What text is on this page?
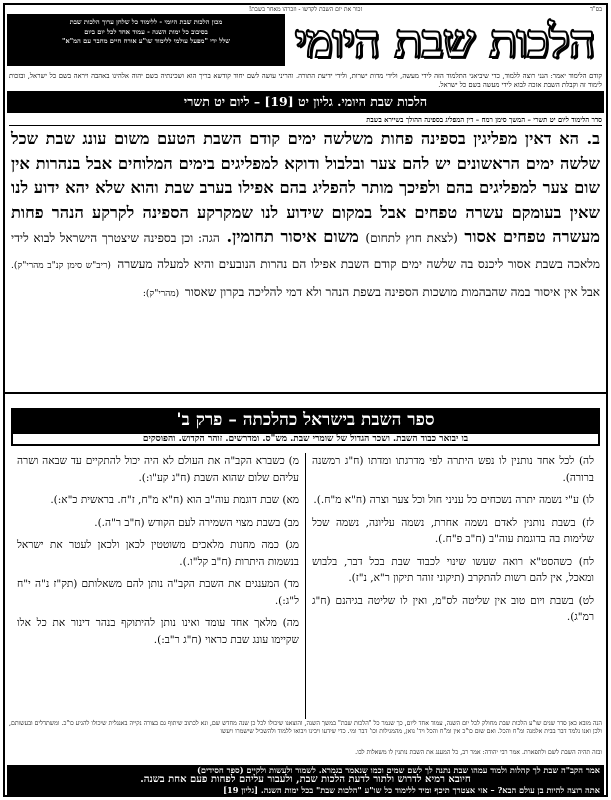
בס"ד
זכור את יום השבת לקדשו - וזכרהו מאחר בשבת!
הלכות שבת היומי
מכון הלכות שבת היומי - ללימוד כל שלחן ערוך הלכות שבת
בסיבוב כל ימות השנה - עמוד אחד לכל יום ביום
שלל ידי "מפעל עולמי ללימוד שו"ע אורח חיים מחבר עם המ"א"
קודם הלימוד יאמר: הנני רוצה ללמוד, כדי שיביאני התלמוד הזה לידי מעשה, ולידי מדות ישרות, ולידי ידיעת התורה. והריני עושה לשם יחוד קודשא בריך הוא ושכינתיה בשם יהוה אלהינו באהבה ויראה בשם כל ישראל, ובזכות לימוד זה וקבלת השבת אזכה לבוא לידי מעשה בשם כל ישראל.
הלכות שבת היומי. גליון יט [19] – ליום יט תשרי
סדר הלימוד ליום יט תשרי – המשך סימן רמח – דין המפליג בספינה ההולך בשיירא בשבת
ב. הא דאין מפליגין בספינה פחות משלשה ימים קודם השבת הטעם משום עונג שבת שכל שלשה ימים הראשונים יש להם צער ובלבול ודוקא למפליגים בימים המלוחים אבל בנהרות אין שום צער למפליגים בהם ולפיכך מותר להפליג בהם אפילו בערב שבת והוא שלא יהא ידוע לנו שאין בעומקם עשרה טפחים אבל במקום שידוע לנו שמקרקע הספינה לקרקע הנהר פחות מעשרה טפחים אסור (לצאת חוץ לתחום) משום איסור תחומין. הגה: וכן בספינה שיצטרך הישראל לבוא לידי מלאכה בשבת אסור ליכנס בה שלשה ימים קודם השבת אפילו הם נהרות הנובעים והיא למעלה מעשרה (ריב"ש סימן קנ"ב מהרי"ק). אבל אין איסור במה שהבהמות מושכות הספינה בשפת הנהר ולא דמי להליכה בקרון שאסור (מהרי"ק):
ספר השבת בישראל כהלכתה – פרק ב'
בו יבואר כבוד השבת. ושכר הגדול של שומרי שבת. מש"ס. ומדרשים. זוהר הקדוש. והפוסקים
לה) לכל אחד נותנין לו נפש היתרה לפי מדרגתו ומדתו (ח"ג רמשנה ברורה).
לו) ע"י נשמה יתרה נשכחים כל עניני חול וכל צער וצרה (ח"א מ"ח.).
לז) בשבת נותנין לאדם נשמה אחרת, נשמה עליונה, נשמה שכל שלימות בה בדוגמת עוה"ב (ח"ב פ"ח.).
לח) כשהסט"א רואה שעשו שינוי לכבוד שבת בכל דבר, בלבוש ומאכל, אין להם רשות להתקרב (תיקוני זוהר תיקון ר"א, נ"ז).
לט) בשבת ויום טוב אין שליטה לס"מ, ואין לו שליטה בגיהנם (ח"ג רמ"ג).
מ) כשברא הקב"ה את העולם לא היה יכול להתקיים עד שבאה ושרה עליהם שלום שהוא השבת (ח"ג קע"ו:).
מא) שבת דוגמת עוה"ב הוא (ח"א מ"ח, ז"ח. בראשית כ"א:).
מב) בשבת מצוי השמירה לעם הקודש (ח"ב ר"ה.).
מג) כמה מחנות מלאכים משוטטין לכאן ולכאן לעטר את ישראל בנשמות היתרות (ח"ב קל"ו.).
מד) המענגים את השבת הקב"ה נותן להם משאלותם (תק"ז נ"ה י"ח ל"ג:).
מה) מלאך אחד עומד ואינו נותן להיתוקף בנהר דינור את כל אלו שקיימו עונג שבת כראוי (ח"ג ר"ב:).
הנה מובא כאן סדר שנים שו"ע הלכות שבת מחולק לכל יום השנה, עמוד אחד ליום, כך שנמר כל "הלכות שבת" במשך השנה, והוצאנו שיכולו לכל כן שנה מחדש שם, ונא לכתוב שיתוף גם בצורה נקייה באנגלית שיכולו להגיע כו"כ. ומשתדלים ובעשותם, ולכן ואנו נלמד דבר בבית אלמנה ומ"ח והכל. ואם שום כו"כ אין ומ"ח והכל ויד' נואן, מהמגילות וכו' דבר ומי. כדי שידעו ויבינו ויבואו ללמוד ולהשכיל שישמרו ויעשו
ובזה תהיה השבת לשם ולתפארת. אמר רבי יהודה: אמר רב, כל המענג את השבת נותנין לו משאלות לבו.
אמר הקב"ה שבת לך קהלות ולמוד עמהו שבת נתנה לך לשם שמים וכמו שנאמר בגמרא. לשמור ולעשות ולקיים (ספר חסידים)
חיובא רמיא לדרוש ולתור לדעת הלכות שבת, ולעבור עליהם לפחות פעם אחת בשנה.
אתה רוצה להיות בן עולם הבא? – אזי אצטרך תיכף ומיד ללימוד כל שו"ע "הלכות שבת" בכל ימות השנה. [גליון 19]
